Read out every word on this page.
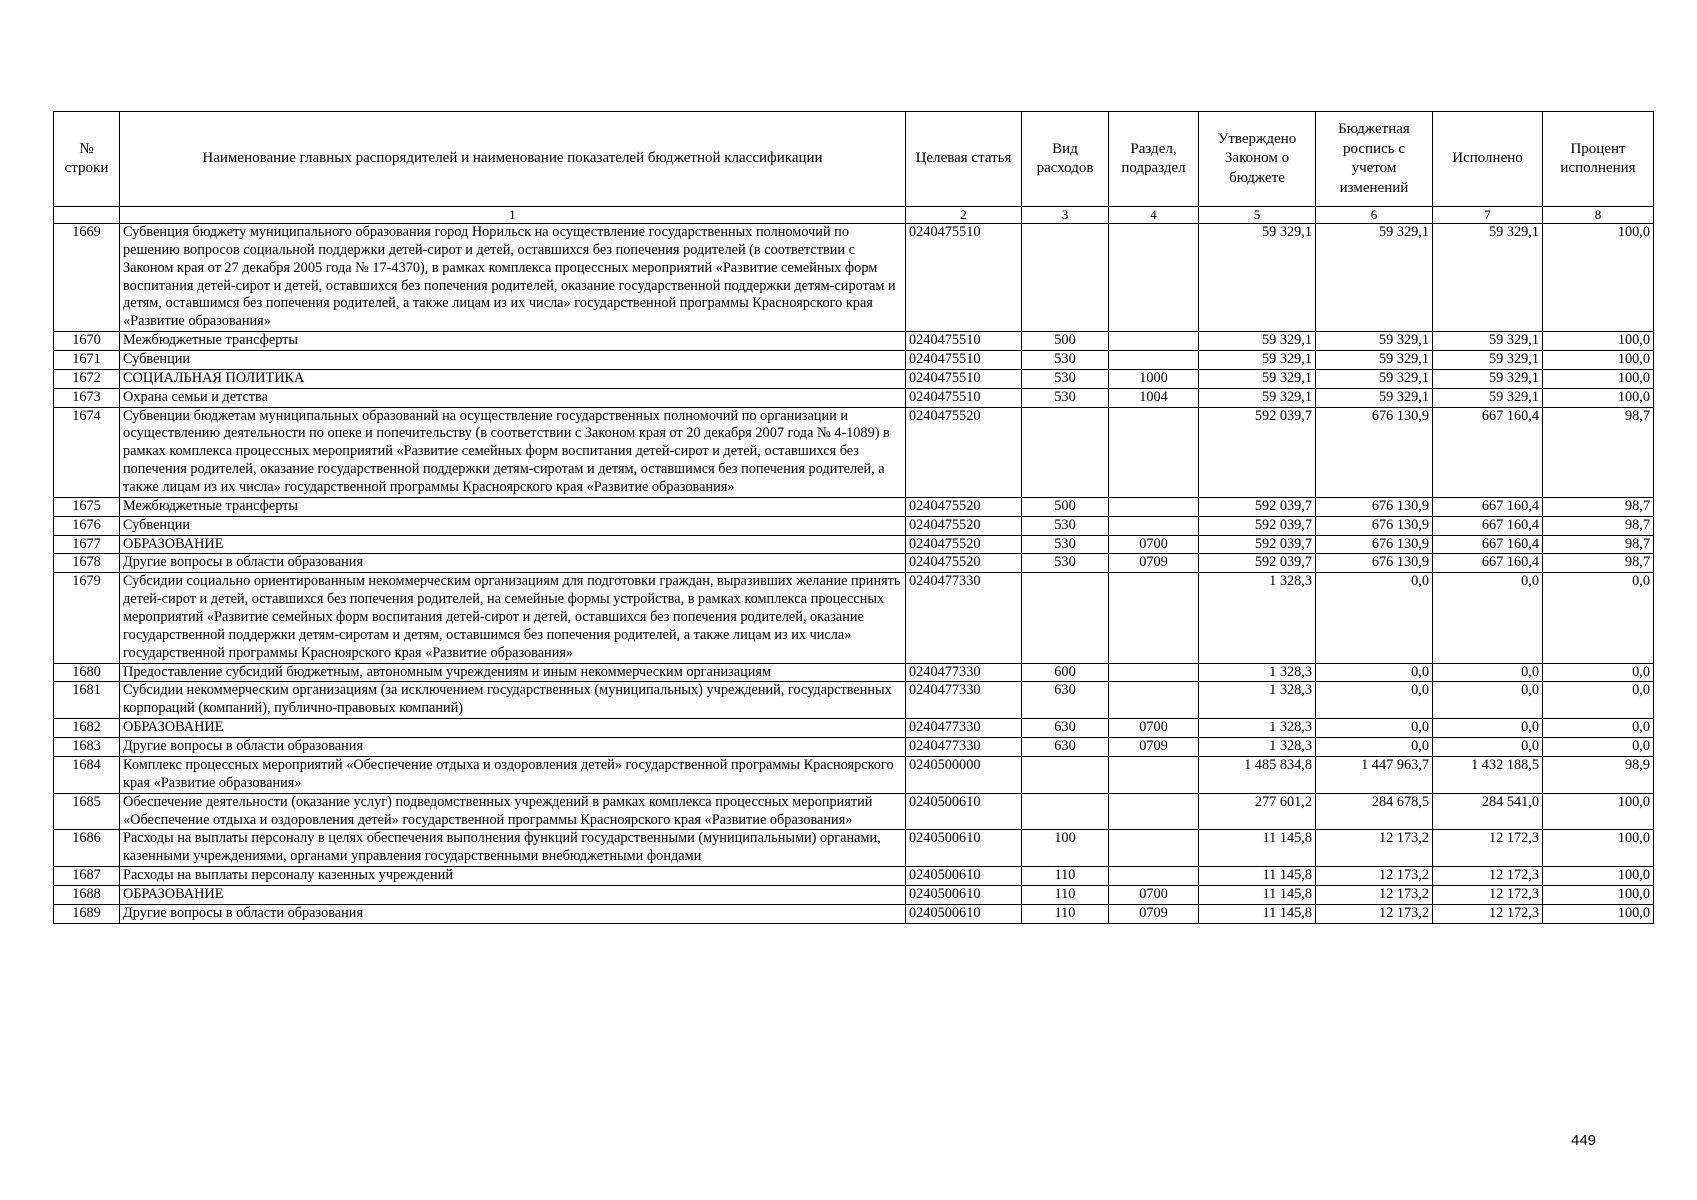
№ строки	Наименование главных распорядителей и наименование показателей бюджетной классификации	Целевая статья	Вид расходов	Раздел, подраздел	Утверждено Законом о бюджете	Бюджетная роспись с учетом изменений	Исполнено	Процент исполнения
	1	2	3	4	5	6	7	8
1669	Субвенция бюджету муниципального образования город Норильск на осуществление государственных полномочий по решению вопросов социальной поддержки детей-сирот и детей, оставшихся без попечения родителей (в соответствии с Законом края от 27 декабря 2005 года № 17-4370), в рамках комплекса процессных мероприятий «Развитие семейных форм воспитания детей-сирот и детей, оставшихся без попечения родителей, оказание государственной поддержки детям-сиротам и детям, оставшимся без попечения родителей, а также лицам из их числа» государственной программы Красноярского края «Развитие образования»	0240475510			59 329,1	59 329,1	59 329,1	100,0
1670	Межбюджетные трансферты	0240475510	500		59 329,1	59 329,1	59 329,1	100,0
1671	Субвенции	0240475510	530		59 329,1	59 329,1	59 329,1	100,0
1672	СОЦИАЛЬНАЯ ПОЛИТИКА	0240475510	530	1000	59 329,1	59 329,1	59 329,1	100,0
1673	Охрана семьи и детства	0240475510	530	1004	59 329,1	59 329,1	59 329,1	100,0
1674	Субвенции бюджетам муниципальных образований на осуществление государственных полномочий по организации и осуществлению деятельности по опеке и попечительству (в соответствии с Законом края от 20 декабря 2007 года № 4-1089) в рамках комплекса процессных мероприятий «Развитие семейных форм воспитания детей-сирот и детей, оставшихся без попечения родителей, оказание государственной поддержки детям-сиротам и детям, оставшимся без попечения родителей, а также лицам из их числа» государственной программы Красноярского края «Развитие образования»	0240475520			592 039,7	676 130,9	667 160,4	98,7
1675	Межбюджетные трансферты	0240475520	500		592 039,7	676 130,9	667 160,4	98,7
1676	Субвенции	0240475520	530		592 039,7	676 130,9	667 160,4	98,7
1677	ОБРАЗОВАНИЕ	0240475520	530	0700	592 039,7	676 130,9	667 160,4	98,7
1678	Другие вопросы в области образования	0240475520	530	0709	592 039,7	676 130,9	667 160,4	98,7
1679	Субсидии социально ориентированным некоммерческим организациям для подготовки граждан, выразивших желание принять детей-сирот и детей, оставшихся без попечения родителей, на семейные формы устройства, в рамках комплекса процессных мероприятий «Развитие семейных форм воспитания детей-сирот и детей, оставшихся без попечения родителей, оказание государственной поддержки детям-сиротам и детям, оставшимся без попечения родителей, а также лицам из их числа» государственной программы Красноярского края «Развитие образования»	0240477330			1 328,3	0,0	0,0	0,0
1680	Предоставление субсидий бюджетным, автономным учреждениям и иным некоммерческим организациям	0240477330	600		1 328,3	0,0	0,0	0,0
1681	Субсидии некоммерческим организациям (за исключением государственных (муниципальных) учреждений, государственных корпораций (компаний), публично-правовых компаний)	0240477330	630		1 328,3	0,0	0,0	0,0
1682	ОБРАЗОВАНИЕ	0240477330	630	0700	1 328,3	0,0	0,0	0,0
1683	Другие вопросы в области образования	0240477330	630	0709	1 328,3	0,0	0,0	0,0
1684	Комплекс процессных мероприятий «Обеспечение отдыха и оздоровления детей» государственной программы Красноярского края «Развитие образования»	0240500000			1 485 834,8	1 447 963,7	1 432 188,5	98,9
1685	Обеспечение деятельности (оказание услуг) подведомственных учреждений в рамках комплекса процессных мероприятий «Обеспечение отдыха и оздоровления детей» государственной программы Красноярского края «Развитие образования»	0240500610			277 601,2	284 678,5	284 541,0	100,0
1686	Расходы на выплаты персоналу в целях обеспечения выполнения функций государственными (муниципальными) органами, казенными учреждениями, органами управления государственными внебюджетными фондами	0240500610	100		11 145,8	12 173,2	12 172,3	100,0
1687	Расходы на выплаты персоналу казенных учреждений	0240500610	110		11 145,8	12 173,2	12 172,3	100,0
1688	ОБРАЗОВАНИЕ	0240500610	110	0700	11 145,8	12 173,2	12 172,3	100,0
1689	Другие вопросы в области образования	0240500610	110	0709	11 145,8	12 173,2	12 172,3	100,0
449
